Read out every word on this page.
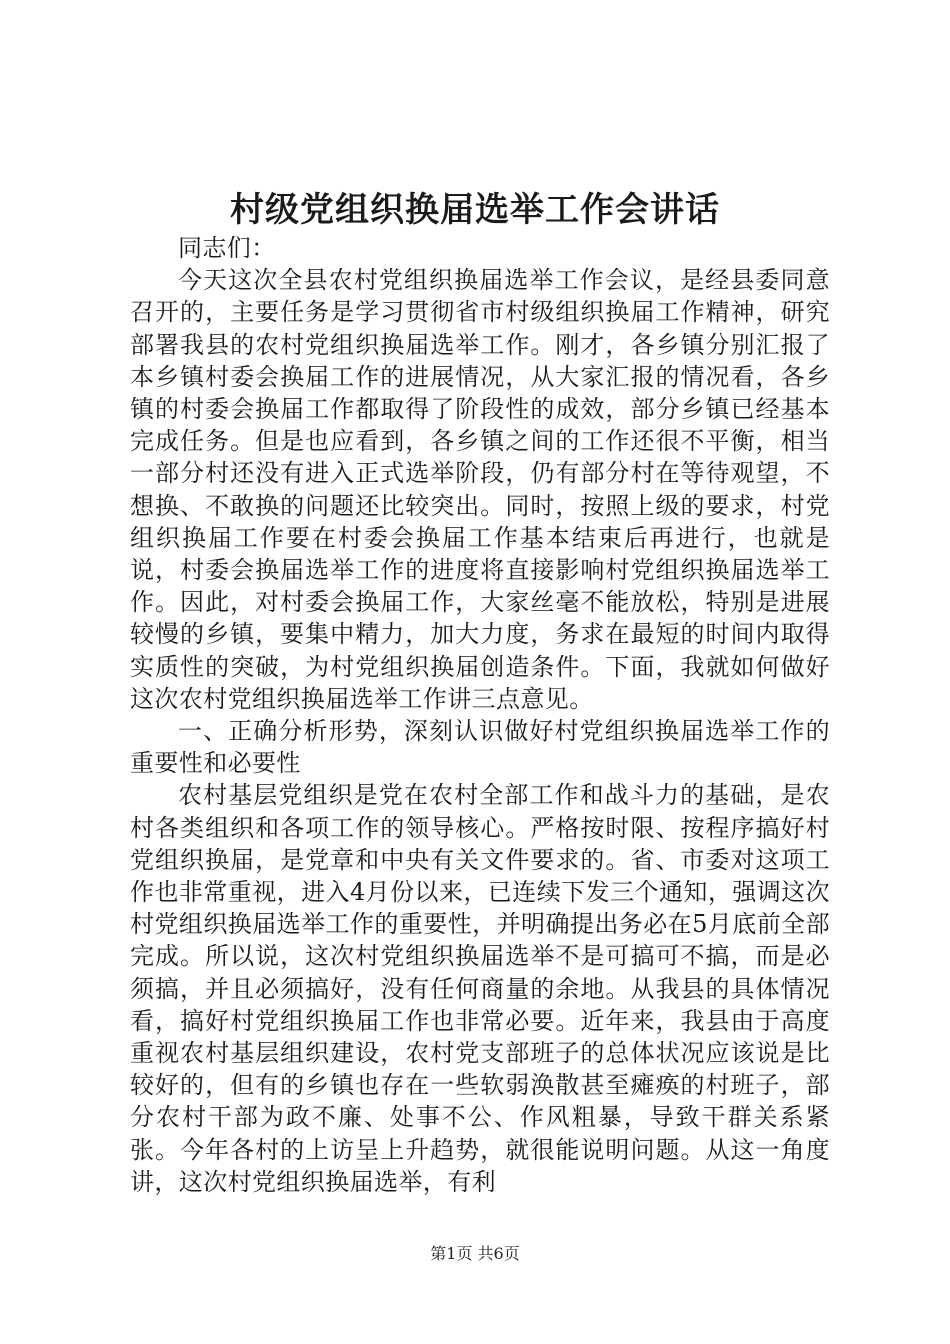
村级党组织换届选举工作会讲话

同志们：

今天这次全县农村党组织换届选举工作会议，是经县委同意召开的，主要任务是学习贯彻省市村级组织换届工作精神，研究部署我县的农村党组织换届选举工作。刚才，各乡镇分别汇报了本乡镇村委会换届工作的进展情况，从大家汇报的情况看，各乡镇的村委会换届工作都取得了阶段性的成效，部分乡镇已经基本完成任务。但是也应看到，各乡镇之间的工作还很不平衡，相当一部分村还没有进入正式选举阶段，仍有部分村在等待观望，不想换、不敢换的问题还比较突出。同时，按照上级的要求，村党组织换届工作要在村委会换届工作基本结束后再进行，也就是说，村委会换届选举工作的进度将直接影响村党组织换届选举工作。因此，对村委会换届工作，大家丝毫不能放松，特别是进展较慢的乡镇，要集中精力，加大力度，务求在最短的时间内取得实质性的突破，为村党组织换届创造条件。下面，我就如何做好这次农村党组织换届选举工作讲三点意见。

一、正确分析形势，深刻认识做好村党组织换届选举工作的重要性和必要性

农村基层党组织是党在农村全部工作和战斗力的基础，是农村各类组织和各项工作的领导核心。严格按时限、按程序搞好村党组织换届，是党章和中央有关文件要求的。省、市委对这项工作也非常重视，进入4月份以来，已连续下发三个通知，强调这次村党组织换届选举工作的重要性，并明确提出务必在5月底前全部完成。所以说，这次村党组织换届选举不是可搞可不搞，而是必须搞，并且必须搞好，没有任何商量的余地。从我县的具体情况看，搞好村党组织换届工作也非常必要。近年来，我县由于高度重视农村基层组织建设，农村党支部班子的总体状况应该说是比较好的，但有的乡镇也存在一些软弱涣散甚至瘫痪的村班子，部分农村干部为政不廉、处事不公、作风粗暴，导致干群关系紧张。今年各村的上访呈上升趋势，就很能说明问题。从这一角度讲，这次村党组织换届选举，有利

第1页 共6页
